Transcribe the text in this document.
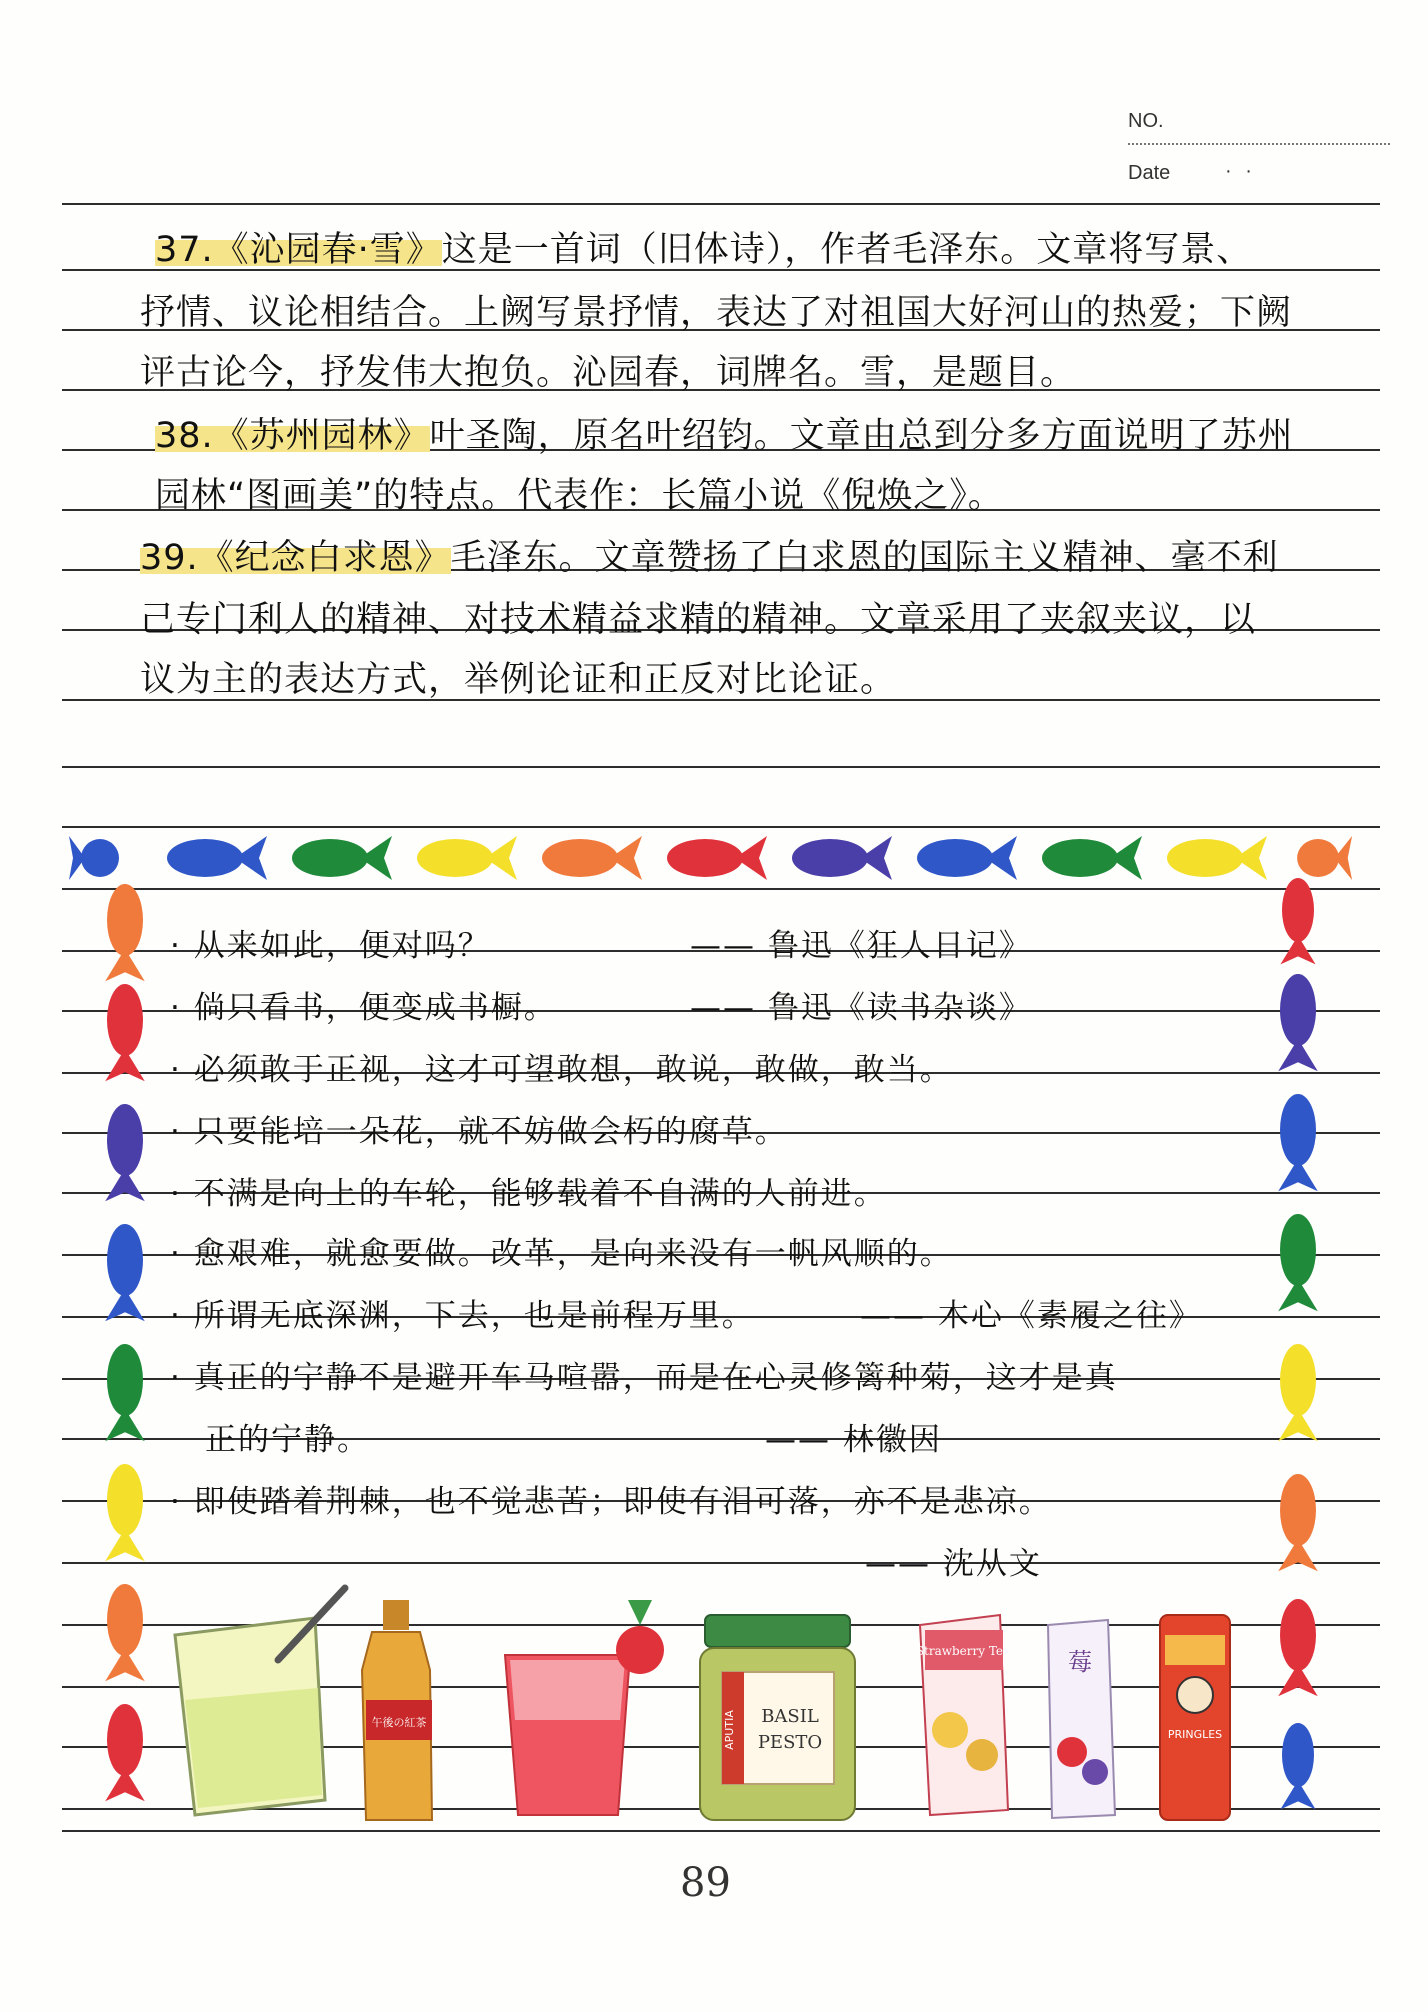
NO.
Date	· ·
37.《沁园春·雪》这是一首词（旧体诗），作者毛泽东。文章将写景、
抒情、议论相结合。上阙写景抒情，表达了对祖国大好河山的热爱；下阙
评古论今，抒发伟大抱负。沁园春，词牌名。雪，是题目。
38.《苏州园林》叶圣陶，原名叶绍钧。文章由总到分多方面说明了苏州
园林“图画美”的特点。代表作：长篇小说《倪焕之》。
39.《纪念白求恩》毛泽东。文章赞扬了白求恩的国际主义精神、毫不利
己专门利人的精神、对技术精益求精的精神。文章采用了夹叙夹议，以
议为主的表达方式，举例论证和正反对比论证。
· 从来如此，便对吗？	—— 鲁迅《狂人日记》
· 倘只看书，便变成书橱。	—— 鲁迅《读书杂谈》
· 必须敢于正视，这才可望敢想，敢说，敢做，敢当。
· 只要能培一朵花，就不妨做会朽的腐草。
· 不满是向上的车轮，能够载着不自满的人前进。
· 愈艰难，就愈要做。改革，是向来没有一帆风顺的。
· 所谓无底深渊，下去，也是前程万里。	—— 木心《素履之往》
· 真正的宁静不是避开车马喧嚣，而是在心灵修篱种菊，这才是真
正的宁静。	—— 林徽因
· 即使踏着荆棘，也不觉悲苦；即使有泪可落，亦不是悲凉。
—— 沈从文
午後の紅茶	APUTIA BASIL
PESTO
Strawberry Tea 莓
PRINGLES
89
